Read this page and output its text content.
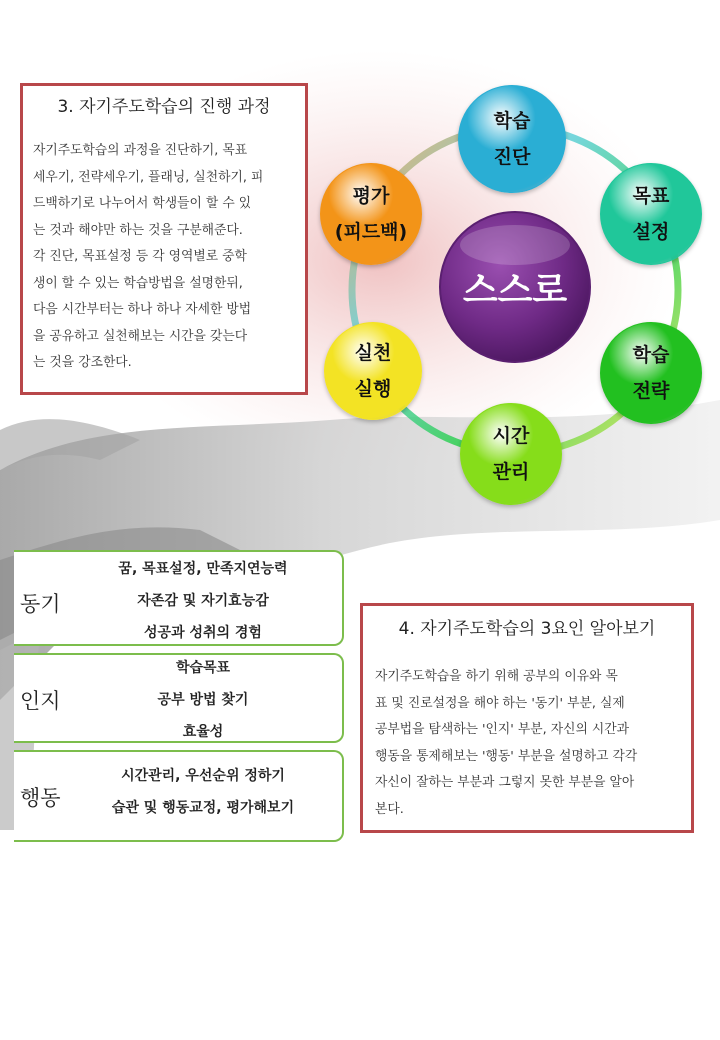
3. 자기주도학습의 진행 과정

자기주도학습의 과정을 진단하기, 목표
세우기, 전략세우기, 플래닝, 실천하기, 피
드백하기로 나누어서 학생들이 할 수 있
는 것과 해야만 하는 것을 구분해준다.
각 진단, 목표설정 등 각 영역별로 중학
생이 할 수 있는 학습방법을 설명한뒤,
다음 시간부터는 하나 하나 자세한 방법
을 공유하고 실천해보는 시간을 갖는다
는 것을 강조한다.

스스로
학습
진단
목표
설정
학습
전략
시간
관리
실천
실행
평가
(피드백)
동기
꿈, 목표설정, 만족지연능력
자존감 및 자기효능감
성공과 성취의 경험
인지
학습목표
공부 방법 찾기
효율성
행동
시간관리, 우선순위 정하기
습관 및 행동교정, 평가해보기

4. 자기주도학습의 3요인 알아보기

자기주도학습을 하기 위해 공부의 이유와 목
표 및 진로설정을 해야 하는 '동기' 부분, 실제
공부법을 탐색하는 '인지' 부분, 자신의 시간과
행동을 통제해보는 '행동' 부분을 설명하고 각각
자신이 잘하는 부분과 그렇지 못한 부분을 알아
본다.
